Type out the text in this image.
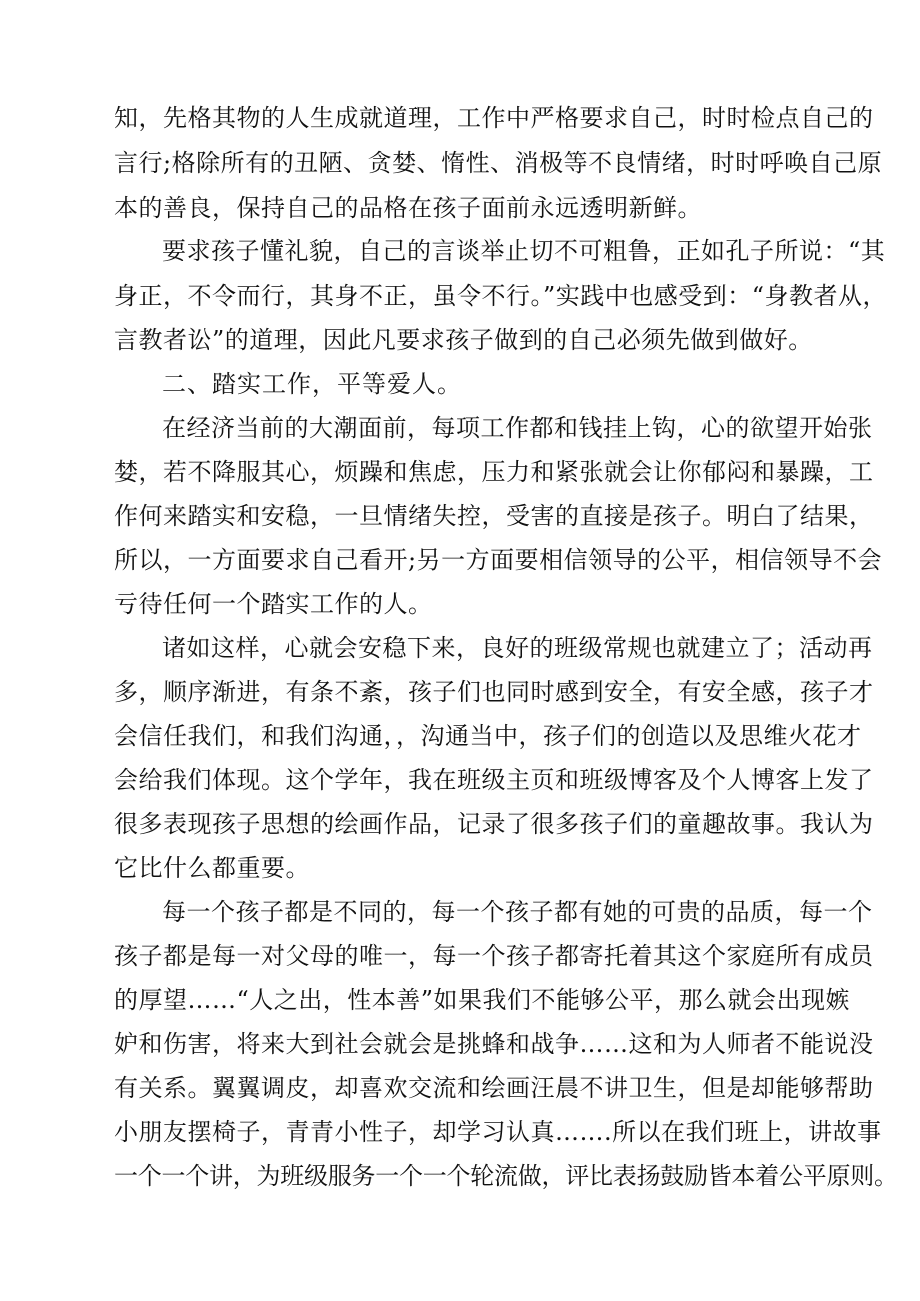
知，先格其物的人生成就道理，工作中严格要求自己，时时检点自己的
言行;格除所有的丑陋、贪婪、惰性、消极等不良情绪，时时呼唤自己原
本的善良，保持自己的品格在孩子面前永远透明新鲜。
要求孩子懂礼貌，自己的言谈举止切不可粗鲁，正如孔子所说：“其
身正，不令而行，其身不正，虽令不行。”实践中也感受到：“身教者从，
言教者讼”的道理，因此凡要求孩子做到的自己必须先做到做好。
二、踏实工作，平等爱人。
在经济当前的大潮面前，每项工作都和钱挂上钩，心的欲望开始张
婪，若不降服其心，烦躁和焦虑，压力和紧张就会让你郁闷和暴躁，工
作何来踏实和安稳，一旦情绪失控，受害的直接是孩子。明白了结果，
所以，一方面要求自己看开;另一方面要相信领导的公平，相信领导不会
亏待任何一个踏实工作的人。
诸如这样，心就会安稳下来，良好的班级常规也就建立了；活动再
多，顺序渐进，有条不紊，孩子们也同时感到安全，有安全感，孩子才
会信任我们，和我们沟通，，沟通当中，孩子们的创造以及思维火花才
会给我们体现。这个学年，我在班级主页和班级博客及个人博客上发了
很多表现孩子思想的绘画作品，记录了很多孩子们的童趣故事。我认为
它比什么都重要。
每一个孩子都是不同的，每一个孩子都有她的可贵的品质，每一个
孩子都是每一对父母的唯一，每一个孩子都寄托着其这个家庭所有成员
的厚望……“人之出，性本善”如果我们不能够公平，那么就会出现嫉
妒和伤害，将来大到社会就会是挑蜂和战争……这和为人师者不能说没
有关系。翼翼调皮，却喜欢交流和绘画汪晨不讲卫生，但是却能够帮助
小朋友摆椅子，青青小性子，却学习认真…….所以在我们班上，讲故事
一个一个讲，为班级服务一个一个轮流做，评比表扬鼓励皆本着公平原则。
